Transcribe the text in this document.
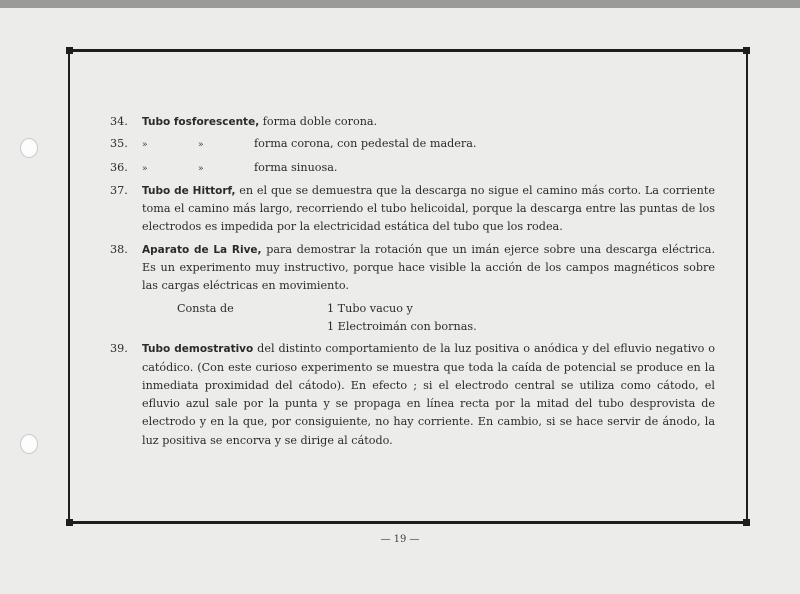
34.	Tubo fosforescente, forma doble corona.
35.	»	»	forma corona, con pedestal de madera.
36.	»	»	forma sinuosa.
37.	Tubo de Hittorf, en el que se demuestra que la descarga no sigue el camino más corto. La corriente toma el camino más largo, recorriendo el tubo helicoidal, porque la descarga entre las puntas de los electrodos es impedida por la electricidad estática del tubo que los rodea.
38.	Aparato de La Rive, para demostrar la rotación que un imán ejerce sobre una descarga eléctrica. Es un experimento muy instructivo, porque hace visible la acción de los campos magnéticos sobre las cargas eléctricas en movimiento.
Consta de	1 Tubo vacuo y
1 Electroimán con bornas.
39.	Tubo demostrativo del distinto comportamiento de la luz positiva o anódica y del efluvio negativo o catódico. (Con este curioso experimento se muestra que toda la caída de potencial se produce en la inmediata proximidad del cátodo). En efecto ; si el electrodo central se utiliza como cátodo, el efluvio azul sale por la punta y se propaga en línea recta por la mitad del tubo desprovista de electrodo y en la que, por consiguiente, no hay corriente. En cambio, si se hace servir de ánodo, la luz positiva se encorva y se dirige al cátodo.
— 19 —
